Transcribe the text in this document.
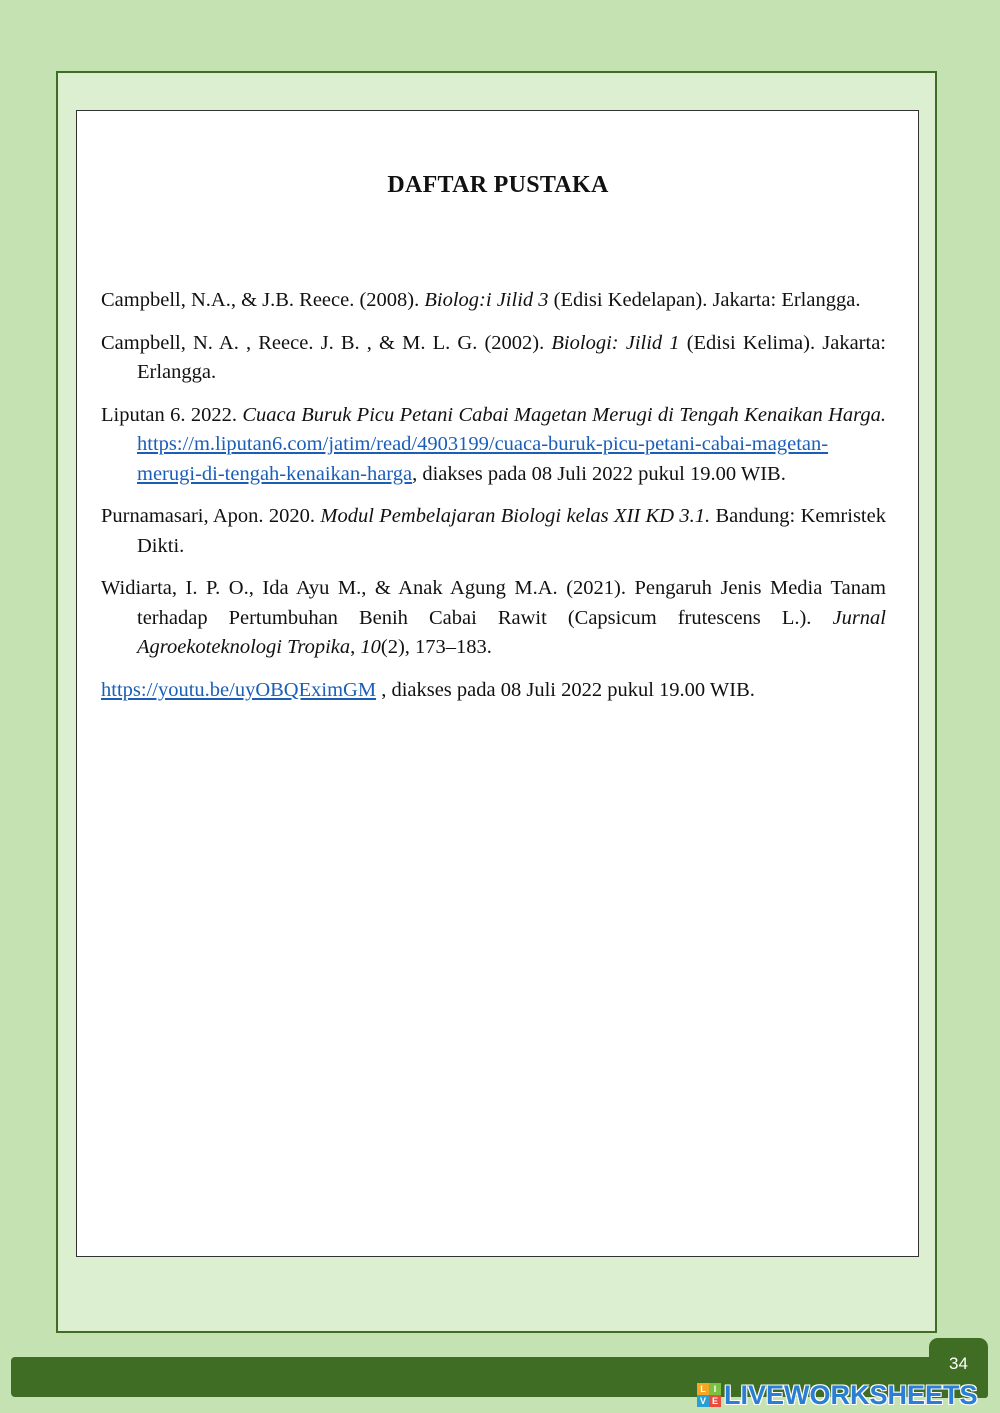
DAFTAR PUSTAKA

Campbell, N.A., & J.B. Reece. (2008). Biolog:i Jilid 3 (Edisi Kedelapan). Jakarta: Erlangga.

Campbell, N. A. , Reece. J. B. , & M. L. G. (2002). Biologi: Jilid 1 (Edisi Kelima). Jakarta: Erlangga.

Liputan 6. 2022. Cuaca Buruk Picu Petani Cabai Magetan Merugi di Tengah Kenaikan Harga. https://m.liputan6.com/jatim/read/4903199/cuaca-buruk-picu-petani-cabai-magetan-merugi-di-tengah-kenaikan-harga, diakses pada 08 Juli 2022 pukul 19.00 WIB.

Purnamasari, Apon. 2020. Modul Pembelajaran Biologi kelas XII KD 3.1. Bandung: Kemristek Dikti.

Widiarta, I. P. O., Ida Ayu M., & Anak Agung M.A. (2021). Pengaruh Jenis Media Tanam terhadap Pertumbuhan Benih Cabai Rawit (Capsicum frutescens L.). Jurnal Agroekoteknologi Tropika, 10(2), 173–183.

https://youtu.be/uyOBQEximGM , diakses pada 08 Juli 2022 pukul 19.00 WIB.

34
L I
V E LIVEWORKSHEETS
